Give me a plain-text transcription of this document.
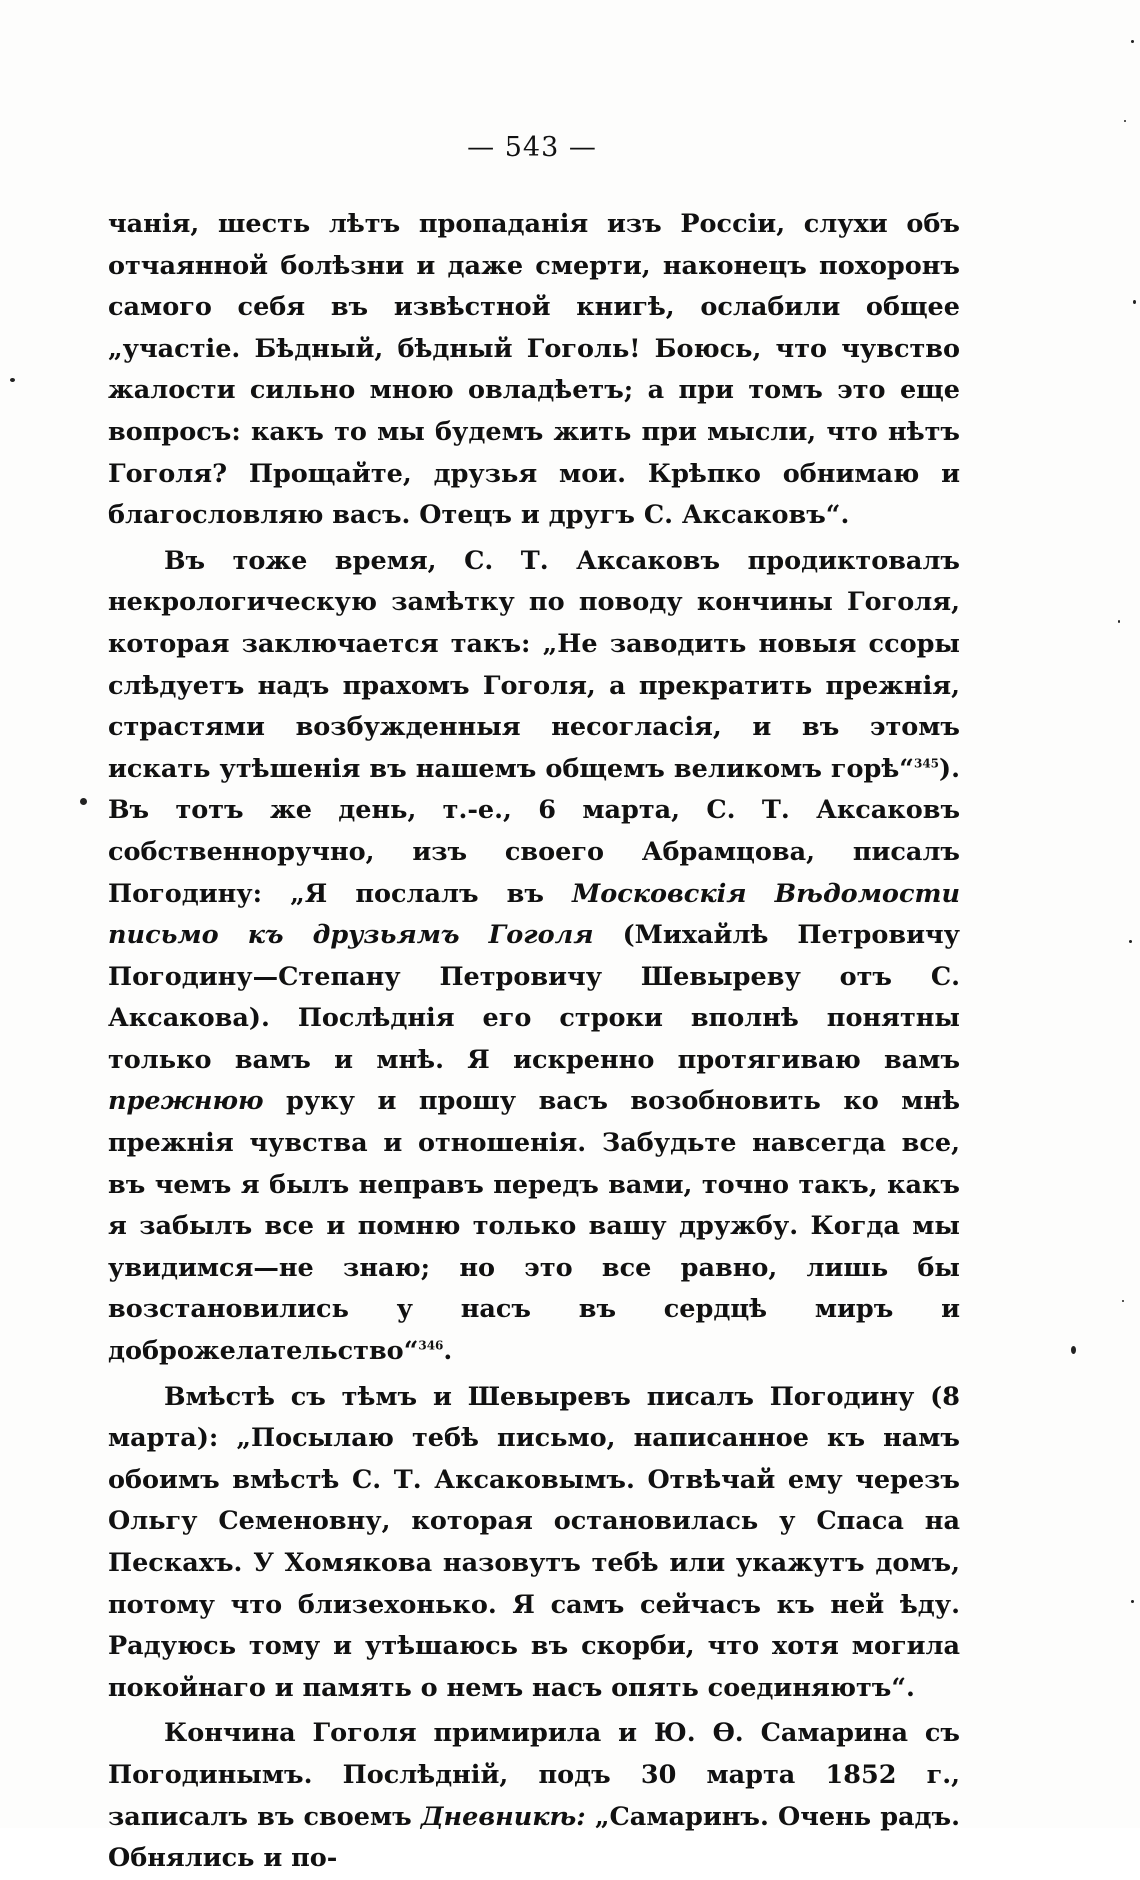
— 543 —

чанія, шесть лѣтъ пропаданія изъ Россіи, слухи объ отчаянной болѣзни и даже смерти, наконецъ похоронъ самого себя въ извѣстной книгѣ, ослабили общее „участіе. Бѣдный, бѣдный Гоголь! Боюсь, что чувство жалости сильно мною овладѣетъ; а при томъ это еще вопросъ: какъ то мы будемъ жить при мысли, что нѣтъ Гоголя? Прощайте, друзья мои. Крѣпко обнимаю и благословляю васъ. Отецъ и другъ С. Аксаковъ“.

Въ тоже время, С. Т. Аксаковъ продиктовалъ некрологическую замѣтку по поводу кончины Гоголя, которая заключается такъ: „Не заводить новыя ссоры слѣдуетъ надъ прахомъ Гоголя, а прекратить прежнія, страстями возбужденныя несогласія, и въ этомъ искать утѣшенія въ нашемъ общемъ великомъ горѣ“$^{345}$). Въ тотъ же день, т.-е., 6 марта, С. Т. Аксаковъ собственноручно, изъ своего Абрамцова, писалъ Погодину: „Я послалъ въ Московскія Вѣдомости письмо къ друзьямъ Гоголя (Михайлѣ Петровичу Погодину—Степану Петровичу Шевыреву отъ С. Аксакова). Послѣднія его строки вполнѣ понятны только вамъ и мнѣ. Я искренно протягиваю вамъ прежнюю руку и прошу васъ возобновить ко мнѣ прежнія чувства и отношенія. Забудьте навсегда все, въ чемъ я былъ неправъ передъ вами, точно такъ, какъ я забылъ все и помню только вашу дружбу. Когда мы увидимся—не знаю; но это все равно, лишь бы возстановились у насъ въ сердцѣ миръ и доброжелательство“$^{346}$.

Вмѣстѣ съ тѣмъ и Шевыревъ писалъ Погодину (8 марта): „Посылаю тебѣ письмо, написанное къ намъ обоимъ вмѣстѣ С. Т. Аксаковымъ. Отвѣчай ему черезъ Ольгу Семеновну, которая остановилась у Спаса на Пескахъ. У Хомякова назовутъ тебѣ или укажутъ домъ, потому что близехонько. Я самъ сейчасъ къ ней ѣду. Радуюсь тому и утѣшаюсь въ скорби, что хотя могила покойнаго и память о немъ насъ опять соединяютъ“.

Кончина Гоголя примирила и Ю. Ѳ. Самарина съ Погодинымъ. Послѣдній, подъ 30 марта 1852 г., записалъ въ своемъ Дневникѣ: „Самаринъ. Очень радъ. Обнялись и по-
